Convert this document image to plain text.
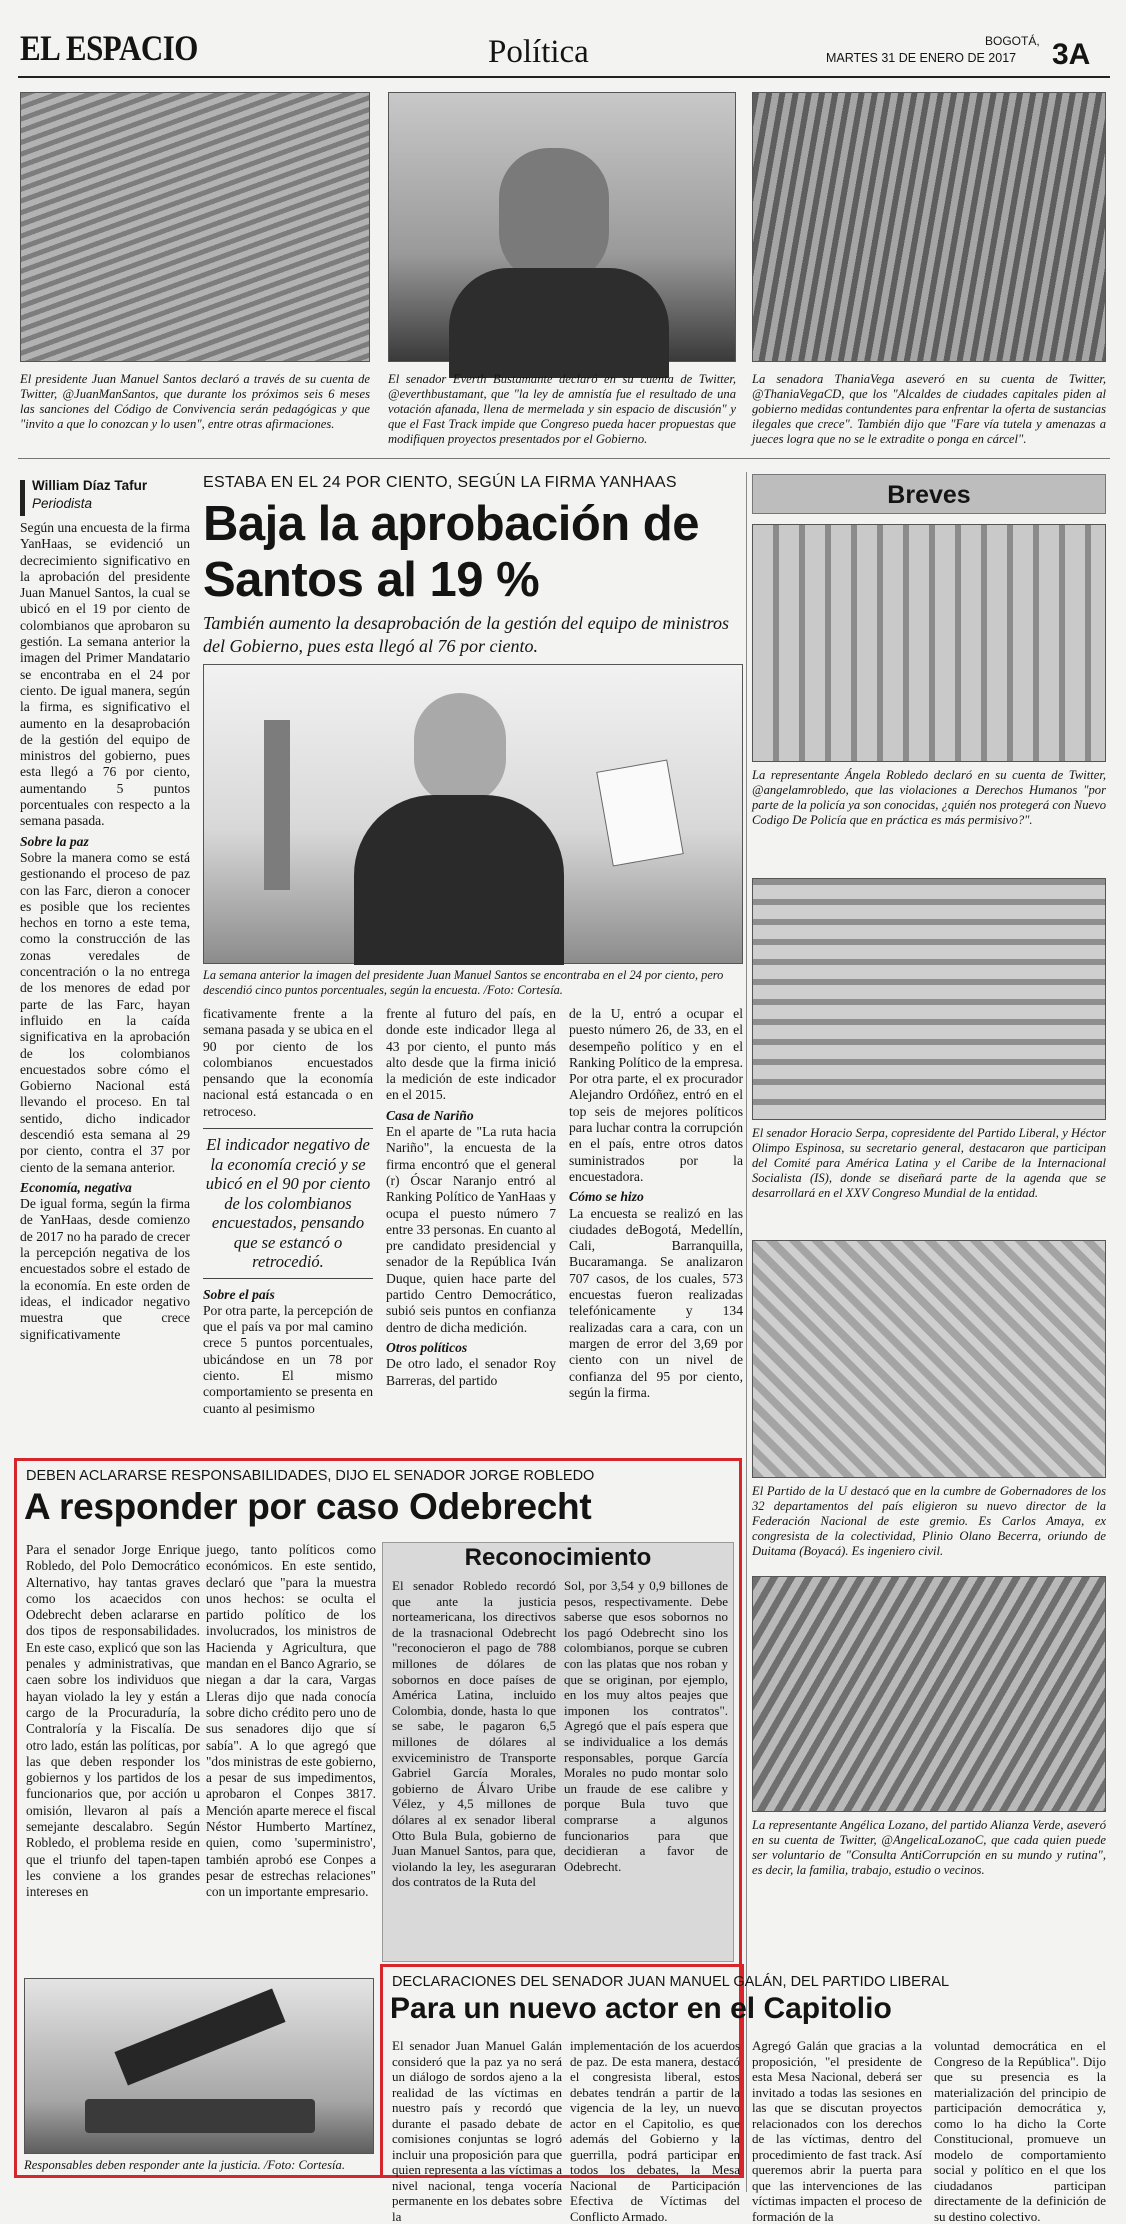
EL ESPACIO	Política	BOGOTÁ,
MARTES 31 DE ENERO DE 2017 3A
El presidente Juan Manuel Santos declaró a través de su cuenta de Twitter, @JuanManSantos, que durante los próximos seis 6 meses las sanciones del Código de Convivencia serán pedagógicas y que "invito a que lo conozcan y lo usen", entre otras afirmaciones.
El senador Everth Bustamante declaró en su cuenta de Twitter, @everthbustamant, que "la ley de amnistía fue el resultado de una votación afanada, llena de mermelada y sin espacio de discusión" y que el Fast Track impide que Congreso pueda hacer propuestas que modifiquen proyectos presentados por el Gobierno.
La senadora ThaniaVega aseveró en su cuenta de Twitter, @ThaniaVegaCD, que los "Alcaldes de ciudades capitales piden al gobierno medidas contundentes para enfrentar la oferta de sustancias ilegales que crece". También dijo que "Fare vía tutela y amenazas a jueces logra que no se le extradite o ponga en cárcel".
William Díaz Tafur
Periodista

Según una encuesta de la firma YanHaas, se evidenció un decrecimiento significativo en la aprobación del presidente Juan Manuel Santos, la cual se ubicó en el 19 por ciento de colombianos que aprobaron su gestión. La semana anterior la imagen del Primer Mandatario se encontraba en el 24 por ciento. De igual manera, según la firma, es significativo el aumento en la desaprobación de la gestión del equipo de ministros del gobierno, pues esta llegó a 76 por ciento, aumentando 5 puntos porcentuales con respecto a la semana pasada.

Sobre la paz

Sobre la manera como se está gestionando el proceso de paz con las Farc, dieron a conocer es posible que los recientes hechos en torno a este tema, como la construcción de las zonas veredales de concentración o la no entrega de los menores de edad por parte de las Farc, hayan influido en la caída significativa en la aprobación de los colombianos encuestados sobre cómo el Gobierno Nacional está llevando el proceso. En tal sentido, dicho indicador descendió esta semana al 29 por ciento, contra el 37 por ciento de la semana anterior.

Economía, negativa

De igual forma, según la firma de YanHaas, desde comienzo de 2017 no ha parado de crecer la percepción negativa de los encuestados sobre el estado de la economía. En este orden de ideas, el indicador negativo muestra que crece significativamente

ESTABA EN EL 24 POR CIENTO, SEGÚN LA FIRMA YANHAAS
Baja la aprobación de Santos al 19 %
También aumento la desaprobación de la gestión del equipo de ministros del Gobierno, pues esta llegó al 76 por ciento.
La semana anterior la imagen del presidente Juan Manuel Santos se encontraba en el 24 por ciento, pero descendió cinco puntos porcentuales, según la encuesta. /Foto: Cortesía.

ficativamente frente a la semana pasada y se ubica en el 90 por ciento de los colombianos encuestados pensando que la economía nacional está estancada o en retroceso.

El indicador negativo de la economía creció y se ubicó en el 90 por ciento de los colombianos encuestados, pensando que se estancó o retrocedió.

Sobre el país

Por otra parte, la percepción de que el país va por mal camino crece 5 puntos porcentuales, ubicándose en un 78 por ciento. El mismo comportamiento se presenta en cuanto al pesimismo

frente al futuro del país, en donde este indicador llega al 43 por ciento, el punto más alto desde que la firma inició la medición de este indicador en el 2015.

Casa de Nariño

En el aparte de "La ruta hacia Nariño", la encuesta de la firma encontró que el general (r) Óscar Naranjo entró al Ranking Político de YanHaas y ocupa el puesto número 7 entre 33 personas. En cuanto al pre candidato presidencial y senador de la República Iván Duque, quien hace parte del partido Centro Democrático, subió seis puntos en confianza dentro de dicha medición.

Otros políticos

De otro lado, el senador Roy Barreras, del partido

de la U, entró a ocupar el puesto número 26, de 33, en el desempeño político y en el Ranking Político de la empresa. Por otra parte, el ex procurador Alejandro Ordóñez, entró en el top seis de mejores políticos para luchar contra la corrupción en el país, entre otros datos suministrados por la encuestadora.

Cómo se hizo

La encuesta se realizó en las ciudades deBogotá, Medellín, Cali, Barranquilla, Bucaramanga. Se analizaron 707 casos, de los cuales, 573 encuestas fueron realizadas telefónicamente y 134 realizadas cara a cara, con un margen de error del 3,69 por ciento con un nivel de confianza del 95 por ciento, según la firma.

Breves
La representante Ángela Robledo declaró en su cuenta de Twitter, @angelamrobledo, que las violaciones a Derechos Humanos "por parte de la policía ya son conocidas, ¿quién nos protegerá con Nuevo Codigo De Policía que en práctica es más permisivo?".
El senador Horacio Serpa, copresidente del Partido Liberal, y Héctor Olimpo Espinosa, su secretario general, destacaron que participan del Comité para América Latina y el Caribe de la Internacional Socialista (IS), donde se diseñará parte de la agenda que se desarrollará en el XXV Congreso Mundial de la entidad.
El Partido de la U destacó que en la cumbre de Gobernadores de los 32 departamentos del país eligieron su nuevo director de la Federación Nacional de este gremio. Es Carlos Amaya, ex congresista de la colectividad, Plinio Olano Becerra, oriundo de Duitama (Boyacá). Es ingeniero civil.
La representante Angélica Lozano, del partido Alianza Verde, aseveró en su cuenta de Twitter, @AngelicaLozanoC, que cada quien puede ser voluntario de "Consulta AntiCorrupción en su mundo y rutina", es decir, la familia, trabajo, estudio o vecinos.
DEBEN ACLARARSE RESPONSABILIDADES, DIJO EL SENADOR JORGE ROBLEDO
A responder por caso Odebrecht
Para el senador Jorge Enrique Robledo, del Polo Democrático Alternativo, hay tantas graves como los acaecidos con Odebrecht deben aclararse en dos tipos de responsabilidades. En este caso, explicó que son las penales y administrativas, que caen sobre los individuos que hayan violado la ley y están a cargo de la Procuraduría, la Contraloría y la Fiscalía. De otro lado, están las políticas, por las que deben responder los gobiernos y los partidos de los funcionarios que, por acción u omisión, llevaron al país a semejante descalabro. Según Robledo, el problema reside en que el triunfo del tapen-tapen les conviene a los grandes intereses en
juego, tanto políticos como económicos. En este sentido, declaró que "para la muestra unos hechos: se oculta el partido político de los involucrados, los ministros de Hacienda y Agricultura, que mandan en el Banco Agrario, se niegan a dar la cara, Vargas Lleras dijo que nada conocía sobre dicho crédito pero uno de sus senadores dijo que sí sabía". A lo que agregó que "dos ministras de este gobierno, a pesar de sus impedimentos, aprobaron el Conpes 3817. Mención aparte merece el fiscal Néstor Humberto Martínez, quien, como 'superministro', también aprobó ese Conpes a pesar de estrechas relaciones" con un importante empresario.
Reconocimiento
El senador Robledo recordó que ante la justicia norteamericana, los directivos de la trasnacional Odebrecht "reconocieron el pago de 788 millones de dólares de sobornos en doce países de América Latina, incluido Colombia, donde, hasta lo que se sabe, le pagaron 6,5 millones de dólares al exviceministro de Transporte Gabriel García Morales, gobierno de Álvaro Uribe Vélez, y 4,5 millones de dólares al ex senador liberal Otto Bula Bula, gobierno de Juan Manuel Santos, para que, violando la ley, les aseguraran dos contratos de la Ruta del
Sol, por 3,54 y 0,9 billones de pesos, respectivamente. Debe saberse que esos sobornos no los pagó Odebrecht sino los colombianos, porque se cubren con las platas que nos roban y que se originan, por ejemplo, en los muy altos peajes que imponen los contratos". Agregó que el país espera que se individualice a los demás responsables, porque García Morales no pudo montar solo un fraude de ese calibre y porque Bula tuvo que comprarse a algunos funcionarios para que decidieran a favor de Odebrecht.
Responsables deben responder ante la justicia. /Foto: Cortesía.
DECLARACIONES DEL SENADOR JUAN MANUEL GALÁN, DEL PARTIDO LIBERAL
Para un nuevo actor en el Capitolio
El senador Juan Manuel Galán consideró que la paz ya no será un diálogo de sordos ajeno a la realidad de las víctimas en nuestro país y recordó que durante el pasado debate de comisiones conjuntas se logró incluir una proposición para que quien representa a las víctimas a nivel nacional, tenga vocería permanente en los debates sobre la
implementación de los acuerdos de paz. De esta manera, destacó el congresista liberal, estos debates tendrán a partir de la vigencia de la ley, un nuevo actor en el Capitolio, es que además del Gobierno y la guerrilla, podrá participar en todos los debates, la Mesa Nacional de Participación Efectiva de Víctimas del Conflicto Armado.
Agregó Galán que gracias a la proposición, "el presidente de esta Mesa Nacional, deberá ser invitado a todas las sesiones en las que se discutan proyectos relacionados con los derechos de las víctimas, dentro del procedimiento de fast track. Así queremos abrir la puerta para que las intervenciones de las víctimas impacten el proceso de formación de la
voluntad democrática en el Congreso de la República". Dijo que su presencia es la materialización del principio de participación democrática y, como lo ha dicho la Corte Constitucional, promueve un modelo de comportamiento social y político en el que los ciudadanos participan directamente de la definición de su destino colectivo.
